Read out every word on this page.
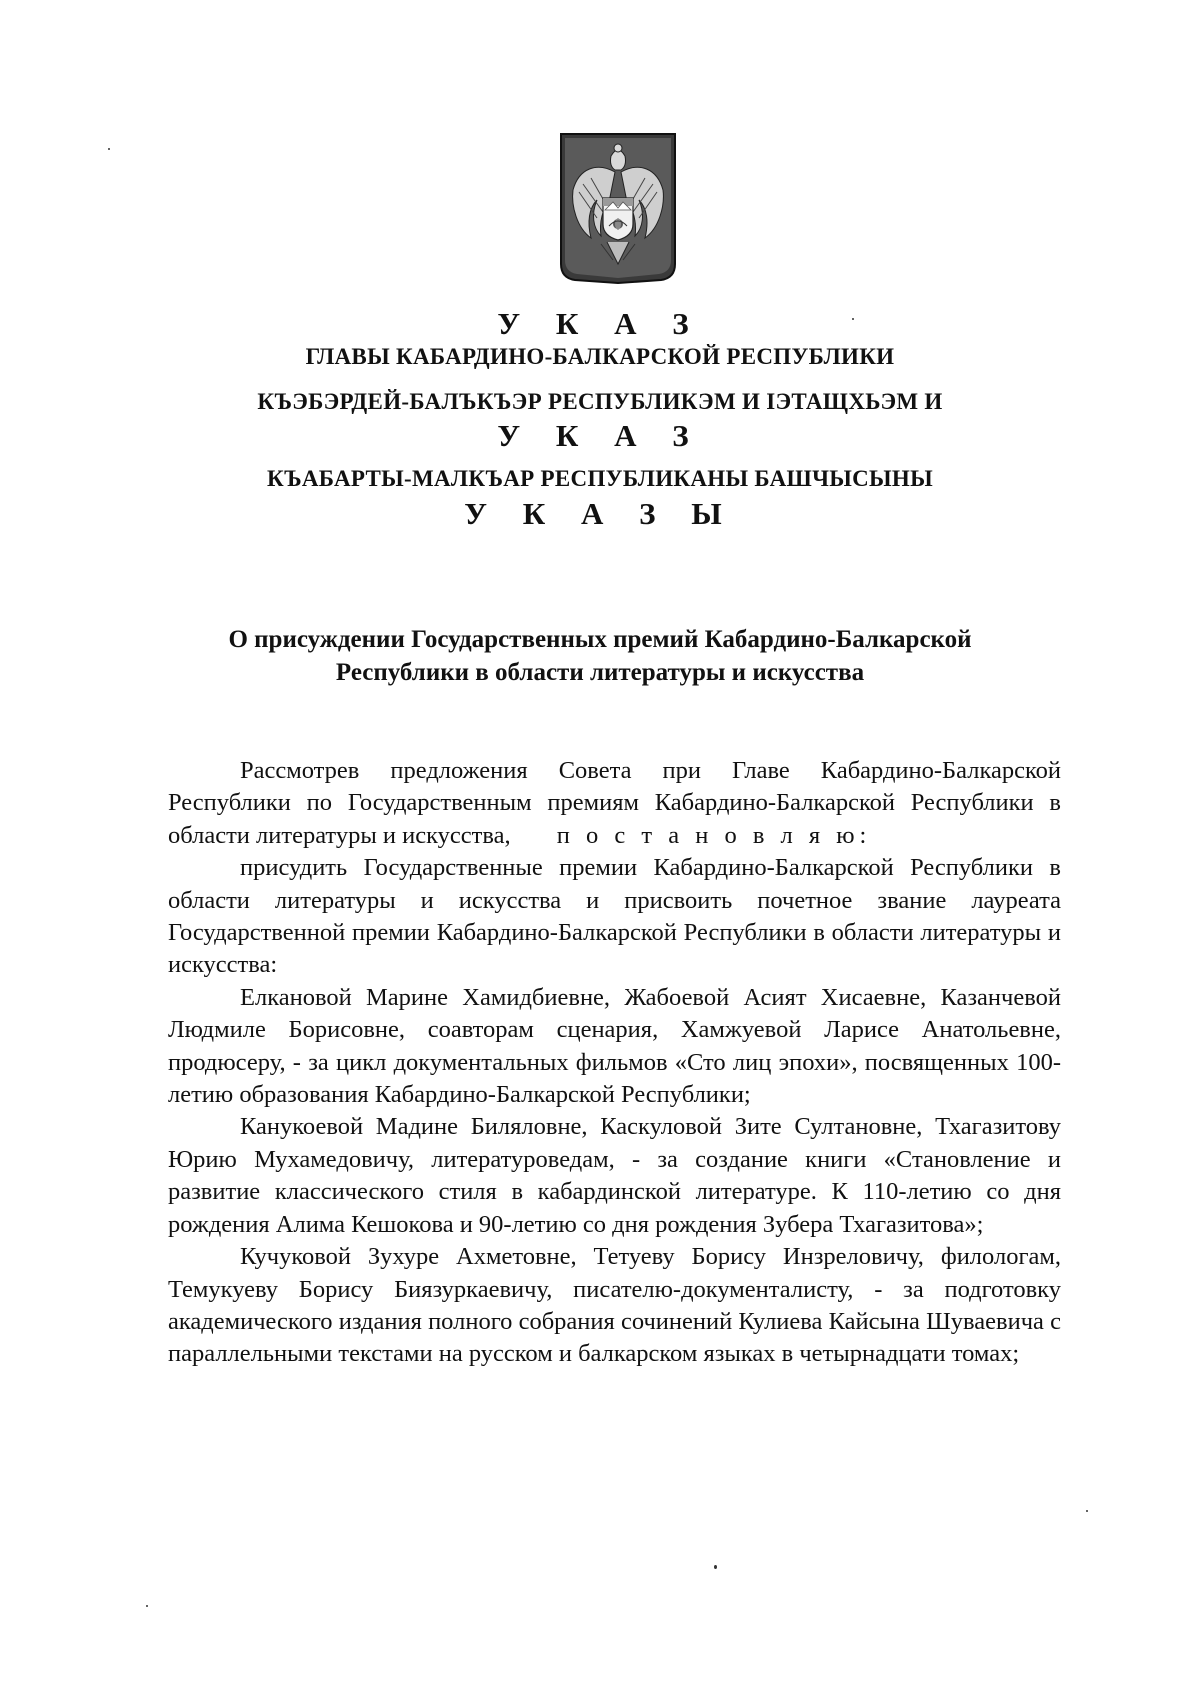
У К А З
ГЛАВЫ КАБАРДИНО-БАЛКАРСКОЙ РЕСПУБЛИКИ
КЪЭБЭРДЕЙ-БАЛЪКЪЭР РЕСПУБЛИКЭМ И IЭТАЩХЬЭМ И
У К А З
КЪАБАРТЫ-МАЛКЪАР РЕСПУБЛИКАНЫ БАШЧЫСЫНЫ
У К А З Ы
О присуждении Государственных премий Кабардино-Балкарской
Республики в области литературы и искусства

Рассмотрев предложения Совета при Главе Кабардино-Балкарской Республики по Государственным премиям Кабардино-Балкарской Республики в области литературы и искусства, п о с т а н о в л я ю:

присудить Государственные премии Кабардино-Балкарской Республики в области литературы и искусства и присвоить почетное звание лауреата Государственной премии Кабардино-Балкарской Республики в области литературы и искусства:

Елкановой Марине Хамидбиевне, Жабоевой Асият Хисаевне, Казанчевой Людмиле Борисовне, соавторам сценария, Хамжуевой Ларисе Анатольевне, продюсеру, - за цикл документальных фильмов «Сто лиц эпохи», посвященных 100-летию образования Кабардино-Балкарской Республики;

Канукоевой Мадине Биляловне, Каскуловой Зите Султановне, Тхагазитову Юрию Мухамедовичу, литературоведам, - за создание книги «Становление и развитие классического стиля в кабардинской литературе. К 110-летию со дня рождения Алима Кешокова и 90-летию со дня рождения Зубера Тхагазитова»;

Кучуковой Зухуре Ахметовне, Тетуеву Борису Инзреловичу, филологам, Темукуеву Борису Биязуркаевичу, писателю-документалисту, - за подготовку академического издания полного собрания сочинений Кулиева Кайсына Шуваевича с параллельными текстами на русском и балкарском языках в четырнадцати томах;
